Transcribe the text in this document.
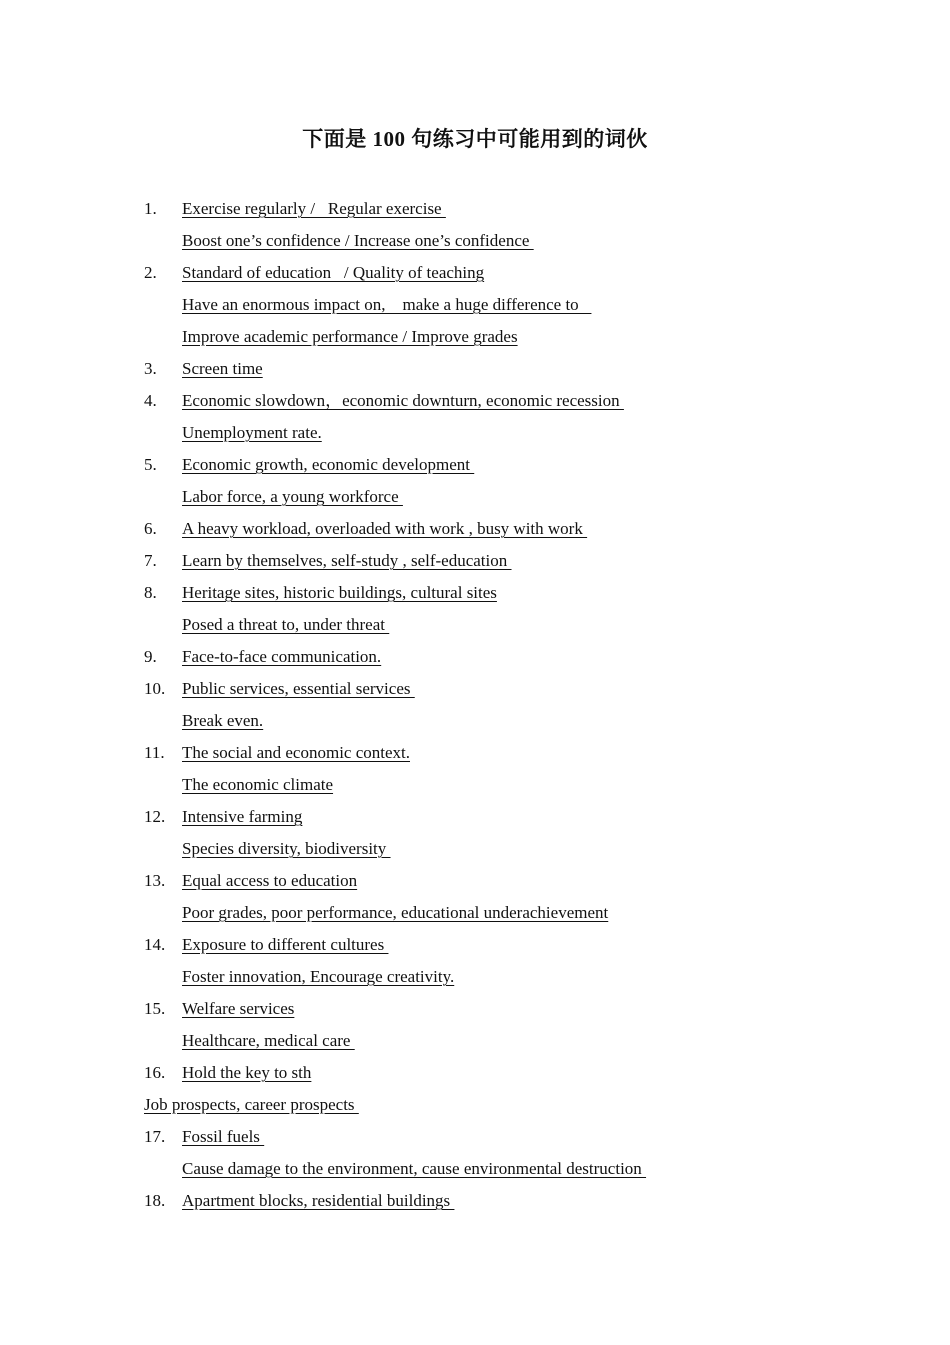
下面是 100 句练习中可能用到的词伙
1.	Exercise regularly /   Regular exercise
Boost one’s confidence / Increase one’s confidence
2.	Standard of education   / Quality of teaching
Have an enormous impact on,    make a huge difference to
Improve academic performance / Improve grades
3.	Screen time
4.	Economic slowdown，economic downturn, economic recession
Unemployment rate.
5.	Economic growth, economic development
Labor force, a young workforce
6.	A heavy workload, overloaded with work , busy with work
7.	Learn by themselves, self-study , self-education
8.	Heritage sites, historic buildings, cultural sites
Posed a threat to, under threat
9.	Face-to-face communication.
10. Public services, essential services
Break even.
11.	The social and economic context.
The economic climate
12. Intensive farming
Species diversity, biodiversity
13. Equal access to education
Poor grades, poor performance, educational underachievement
14. Exposure to different cultures
Foster innovation, Encourage creativity.
15. Welfare services
Healthcare, medical care
16. Hold the key to sth
Job prospects, career prospects
17. Fossil fuels
Cause damage to the environment, cause environmental destruction
18. Apartment blocks, residential buildings
